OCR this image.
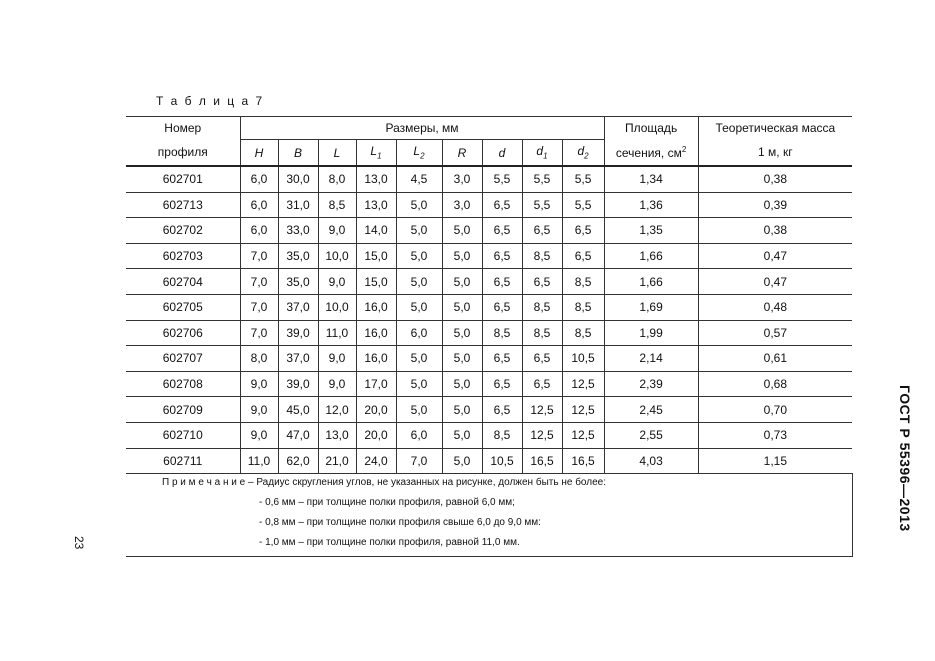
Т а б л и ц а 7
Номер	Размеры, мм									Площадь	Теоретическая масса
профиля	H	B	L	$L_1$	$L_2$	R	d	$d_1$	$d_2$	сечения, $см^2$	1 м, кг
602701	6,0	30,0	8,0	13,0	4,5	3,0	5,5	5,5	5,5	1,34	0,38
602713	6,0	31,0	8,5	13,0	5,0	3,0	6,5	5,5	5,5	1,36	0,39
602702	6,0	33,0	9,0	14,0	5,0	5,0	6,5	6,5	6,5	1,35	0,38
602703	7,0	35,0	10,0	15,0	5,0	5,0	6,5	8,5	6,5	1,66	0,47
602704	7,0	35,0	9,0	15,0	5,0	5,0	6,5	6,5	8,5	1,66	0,47
602705	7,0	37,0	10,0	16,0	5,0	5,0	6,5	8,5	8,5	1,69	0,48
602706	7,0	39,0	11,0	16,0	6,0	5,0	8,5	8,5	8,5	1,99	0,57
602707	8,0	37,0	9,0	16,0	5,0	5,0	6,5	6,5	10,5	2,14	0,61
602708	9,0	39,0	9,0	17,0	5,0	5,0	6,5	6,5	12,5	2,39	0,68
602709	9,0	45,0	12,0	20,0	5,0	5,0	6,5	12,5	12,5	2,45	0,70
602710	9,0	47,0	13,0	20,0	6,0	5,0	8,5	12,5	12,5	2,55	0,73
602711	11,0	62,0	21,0	24,0	7,0	5,0	10,5	16,5	16,5	4,03	1,15

П р и м е ч а н и е – Радиус скругления углов, не указанных на рисунке, должен быть не более:
- 0,6 мм – при толщине полки профиля, равной 6,0 мм;
- 0,8 мм – при толщине полки профиля свыше 6,0 до 9,0 мм:
- 1,0 мм – при толщине полки профиля, равной 11,0 мм.											
23
ГОСТ Р 55396—2013
